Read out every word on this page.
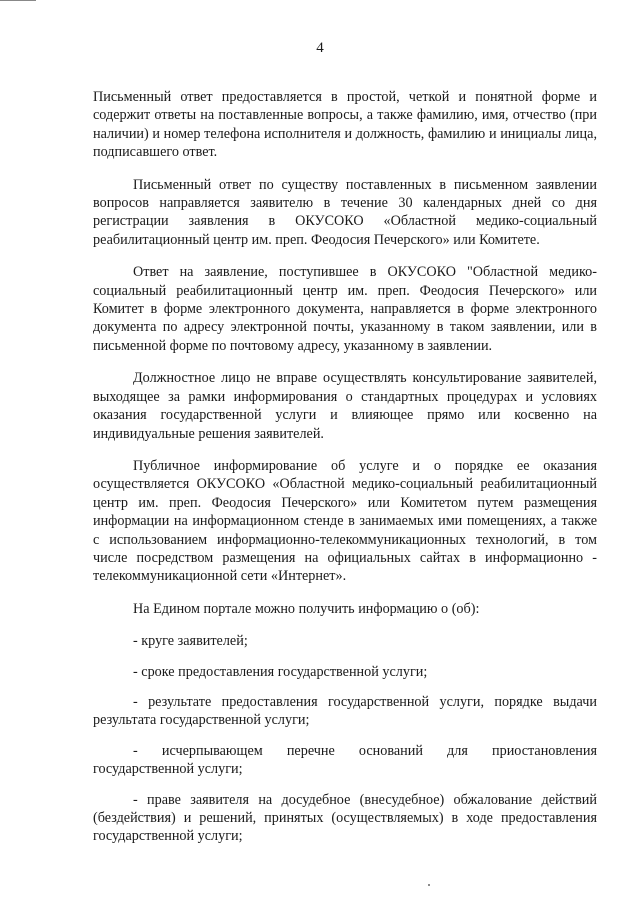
4

Письменный ответ предоставляется в простой, четкой и понятной форме и содержит ответы на поставленные вопросы, а также фамилию, имя, отчество (при наличии) и номер телефона исполнителя и должность, фамилию и инициалы лица, подписавшего ответ.

Письменный ответ по существу поставленных в письменном заявлении вопросов направляется заявителю в течение 30 календарных дней со дня регистрации заявления в ОКУСОКО «Областной медико-социальный реабилитационный центр им. преп. Феодосия Печерского» или Комитете.

Ответ на заявление, поступившее в ОКУСОКО "Областной медико-социальный реабилитационный центр им. преп. Феодосия Печерского» или Комитет в форме электронного документа, направляется в форме электронного документа по адресу электронной почты, указанному в таком заявлении, или в письменной форме по почтовому адресу, указанному в заявлении.

Должностное лицо не вправе осуществлять консультирование заявителей, выходящее за рамки информирования о стандартных процедурах и условиях оказания государственной услуги и влияющее прямо или косвенно на индивидуальные решения заявителей.

Публичное информирование об услуге и о порядке ее оказания осуществляется ОКУСОКО «Областной медико-социальный реабилитационный центр им. преп. Феодосия Печерского» или Комитетом путем размещения информации на информационном стенде в занимаемых ими помещениях, а также с использованием информационно-телекоммуникационных технологий, в том числе посредством размещения на официальных сайтах в информационно - телекоммуникационной сети «Интернет».

На Едином портале можно получить информацию о (об):

- круге заявителей;

- сроке предоставления государственной услуги;

- результате предоставления государственной услуги, порядке выдачи результата государственной услуги;

- исчерпывающем перечне оснований для приостановления государственной услуги;

- праве заявителя на досудебное (внесудебное) обжалование действий (бездействия) и решений, принятых (осуществляемых) в ходе предоставления государственной услуги;
